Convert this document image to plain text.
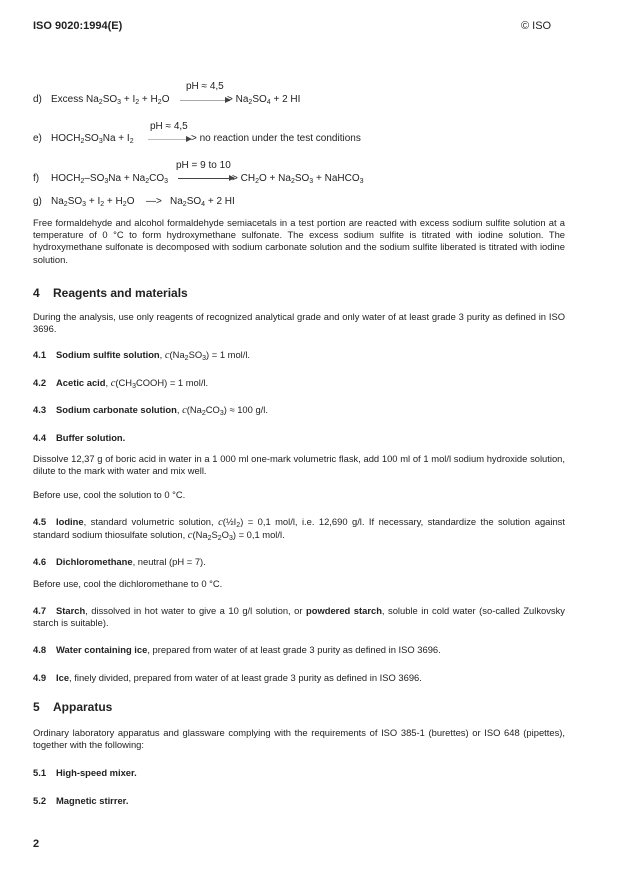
ISO 9020:1994(E)	© ISO
pH ≈ 4,5
d) Excess $Na_2SO_3 + I_2 + H_2O$	> $Na_2SO_4 + 2$ HI
pH ≈ 4,5
e) $HOCH_2SO_3Na + I_2$	> no reaction under the test conditions
pH = 9 to 10
f) $HOCH_2-SO_3Na + Na_2CO_3$	> $CH_2O + Na_2SO_3$ + NaHCO$_3$
g) $Na_2SO_3 + I_2 + H_2O$ —> $Na_2SO_4 + 2$ HI
Free formaldehyde and alcohol formaldehyde semiacetals in a test portion are reacted with excess sodium sulfite solution at a temperature of 0 °C to form hydroxymethane sulfonate. The excess sodium sulfite is titrated with iodine solution. The hydroxymethane sulfonate is decomposed with sodium carbonate solution and the sodium sulfite liberated is titrated with iodine solution.
4 Reagents and materials
During the analysis, use only reagents of recognized analytical grade and only water of at least grade 3 purity as defined in ISO 3696.
4.1 Sodium sulfite solution, $c(Na_2SO_3) = 1$ mol/l.
4.2 Acetic acid, $c(CH_3COOH) = 1$ mol/l.
4.3 Sodium carbonate solution, $c(Na_2CO_3) \approx 100$ g/l.
4.4 Buffer solution.
Dissolve 12,37 g of boric acid in water in a 1 000 ml one-mark volumetric flask, add 100 ml of 1 mol/l sodium hydroxide solution, dilute to the mark with water and mix well.
Before use, cool the solution to 0 °C.
4.5 Iodine, standard volumetric solution, $c(\frac{1}{2}I_2) = 0,1$ mol/l, i.e. 12,690 g/l. If necessary, standardize the solution against standard sodium thiosulfate solution, $c(Na_2S_2O_3) = 0,1$ mol/l.
4.6 Dichloromethane, neutral (pH = 7).
Before use, cool the dichloromethane to 0 °C.
4.7 Starch, dissolved in hot water to give a 10 g/l solution, or powdered starch, soluble in cold water (so-called Zulkovsky starch is suitable).
4.8 Water containing ice, prepared from water of at least grade 3 purity as defined in ISO 3696.
4.9 Ice, finely divided, prepared from water of at least grade 3 purity as defined in ISO 3696.
5 Apparatus
Ordinary laboratory apparatus and glassware complying with the requirements of ISO 385-1 (burettes) or ISO 648 (pipettes), together with the following:
5.1 High-speed mixer.
5.2 Magnetic stirrer.
2
